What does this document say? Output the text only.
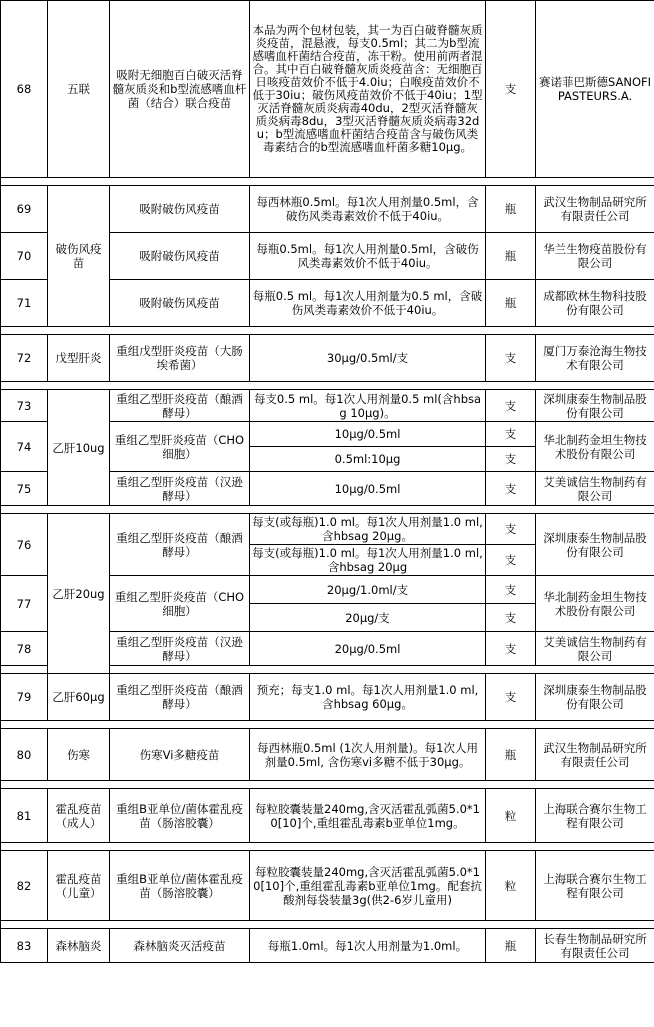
68	五联	吸附无细胞百白破灭活脊髓灰质炎和b型流感嗜血杆菌（结合）联合疫苗	本品为两个包材包装，其一为百白破脊髓灰质炎疫苗，混悬液，每支0.5ml；其二为b型流感嗜血杆菌结合疫苗，冻干粉。使用前两者混合。其中百白破脊髓灰质炎疫苗含：无细胞百日咳疫苗效价不低于4.0iu；白喉疫苗效价不低于30iu；破伤风疫苗效价不低于40iu；1型灭活脊髓灰质炎病毒40du，2型灭活脊髓灰质炎病毒8du，3型灭活脊髓灰质炎病毒32du；b型流感嗜血杆菌结合疫苗含与破伤风类毒素结合的b型流感嗜血杆菌多糖10μg。	支	赛诺菲巴斯德SANOFIPASTEURS.A.

69	破伤风疫苗	吸附破伤风疫苗	每西林瓶0.5ml。每1次人用剂量0.5ml，含破伤风类毒素效价不低于40iu。	瓶	武汉生物制品研究所有限责任公司
70		吸附破伤风疫苗	每瓶0.5ml。每1次人用剂量0.5ml，含破伤风类毒素效价不低于40iu。	瓶	华兰生物疫苗股份有限公司
71		吸附破伤风疫苗	每瓶0.5 ml。每1次人用剂量为0.5 ml，含破伤风类毒素效价不低于40iu。	瓶	成都欧林生物科技股份有限公司

72	戊型肝炎	重组戊型肝炎疫苗（大肠埃希菌）	30μg/0.5ml/支	支	厦门万泰沧海生物技术有限公司

73	乙肝10ug	重组乙型肝炎疫苗（酿酒酵母）	每支0.5 ml。每1次人用剂量0.5 ml(含hbsag 10μg)。	支	深圳康泰生物制品股份有限公司
74		重组乙型肝炎疫苗（CHO细胞）	10μg/0.5ml	支	华北制药金坦生物技术股份有限公司
			0.5ml:10μg	支	
75		重组乙型肝炎疫苗（汉逊酵母）	10μg/0.5ml	支	艾美诚信生物制药有限公司

76	乙肝20ug	重组乙型肝炎疫苗（酿酒酵母）	每支(或每瓶)1.0 ml。每1次人用剂量1.0 ml,含hbsag 20μg。	支	深圳康泰生物制品股份有限公司
			每支(或每瓶)1.0 ml。每1次人用剂量1.0 ml,含hbsag 20μg	支	
77		重组乙型肝炎疫苗（CHO细胞）	20μg/1.0ml/支	支	华北制药金坦生物技术股份有限公司
			20μg/支	支	
78		重组乙型肝炎疫苗（汉逊酵母）	20μg/0.5ml	支	艾美诚信生物制药有限公司

79	乙肝60μg	重组乙型肝炎疫苗（酿酒酵母）	预充；每支1.0 ml。每1次人用剂量1.0 ml,含hbsag 60μg。	支	深圳康泰生物制品股份有限公司

80	伤寒	伤寒Vi多糖疫苗	每西林瓶0.5ml (1次人用剂量)。每1次人用剂量0.5ml, 含伤寒vi多糖不低于30μg。	瓶	武汉生物制品研究所有限责任公司

81	霍乱疫苗（成人）	重组B亚单位/菌体霍乱疫苗（肠溶胶囊）	每粒胶囊装量240mg,含灭活霍乱弧菌5.0*10[10]个,重组霍乱毒素b亚单位1mg。	粒	上海联合赛尔生物工程有限公司

82	霍乱疫苗（儿童）	重组B亚单位/菌体霍乱疫苗（肠溶胶囊）	每粒胶囊装量240mg,含灭活霍乱弧菌5.0*10[10]个,重组霍乱毒素b亚单位1mg。配套抗酸剂每袋装量3g(供2-6岁儿童用)	粒	上海联合赛尔生物工程有限公司

83	森林脑炎	森林脑炎灭活疫苗	每瓶1.0ml。每1次人用剂量为1.0ml。	瓶	长春生物制品研究所有限责任公司
